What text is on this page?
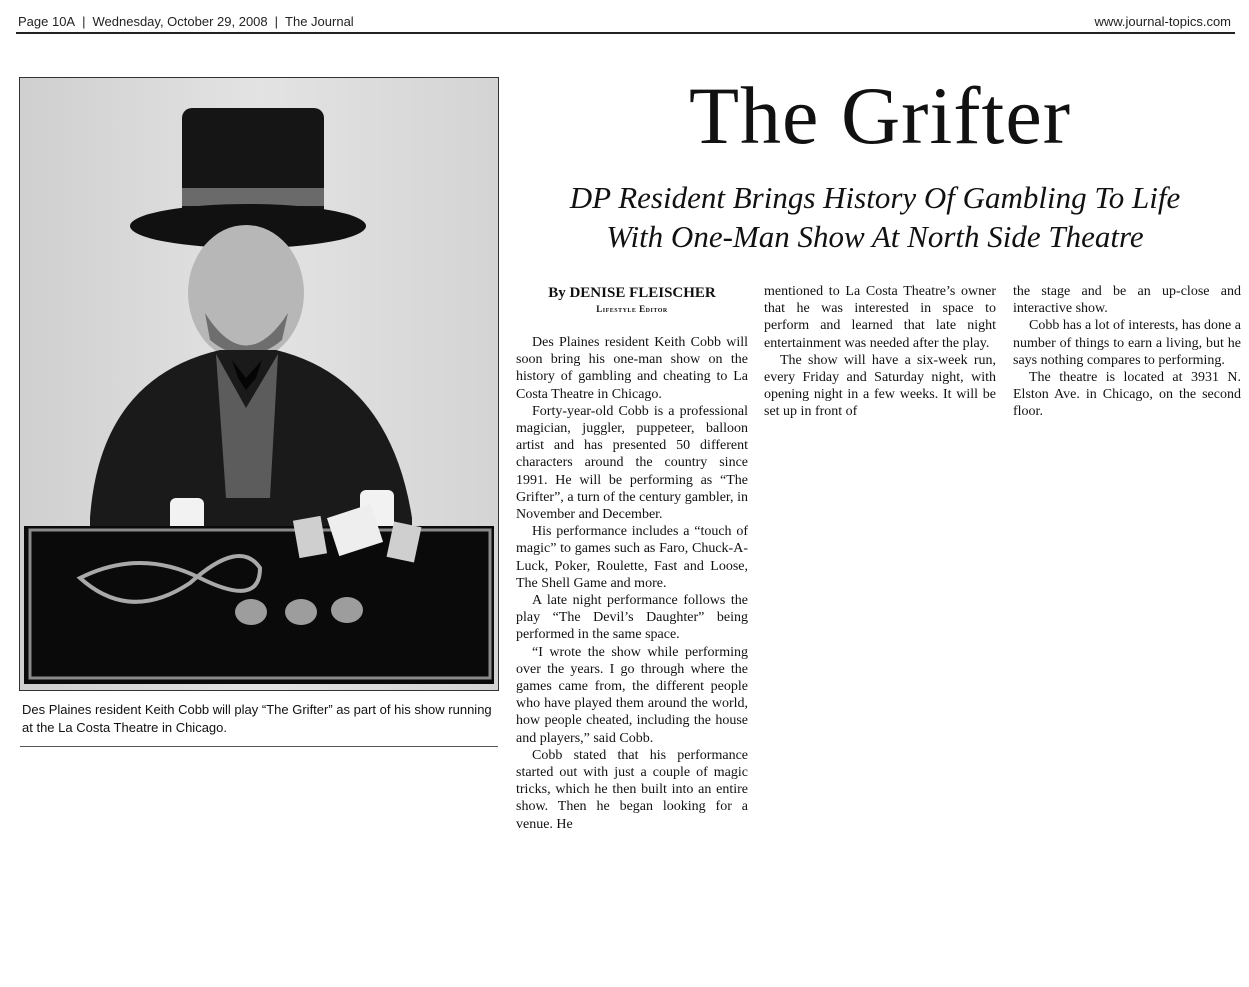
Page 10A | Wednesday, October 29, 2008 | The Journal	www.journal-topics.com
Des Plaines resident Keith Cobb will play “The Grifter” as part of his show running at the La Costa Theatre in Chicago.
The Grifter
DP Resident Brings History Of Gambling To Life
With One-Man Show At North Side Theatre
By DENISE FLEISCHER
Lifestyle Editor

Des Plaines resident Keith Cobb will soon bring his one-man show on the history of gambling and cheating to La Costa Theatre in Chicago.

Forty-year-old Cobb is a professional magician, juggler, puppeteer, balloon artist and has presented 50 different characters around the country since 1991. He will be performing as “The Grifter”, a turn of the century gambler, in November and December.

His performance includes a “touch of magic” to games such as Faro, Chuck-A-Luck, Poker, Roulette, Fast and Loose, The Shell Game and more.

A late night performance follows the play “The Devil’s Daughter” being performed in the same space.

“I wrote the show while performing over the years. I go through where the games came from, the different people who have played them around the world, how people cheated, including the house and players,” said Cobb.

Cobb stated that his performance started out with just a couple of magic tricks, which he then built into an entire show. Then he began looking for a venue. He

mentioned to La Costa Theatre’s owner that he was interested in space to perform and learned that late night entertainment was needed after the play.

The show will have a six-week run, every Friday and Saturday night, with opening night in a few weeks. It will be set up in front of

the stage and be an up-close and interactive show.

Cobb has a lot of interests, has done a number of things to earn a living, but he says nothing compares to performing.

The theatre is located at 3931 N. Elston Ave. in Chicago, on the second floor.
